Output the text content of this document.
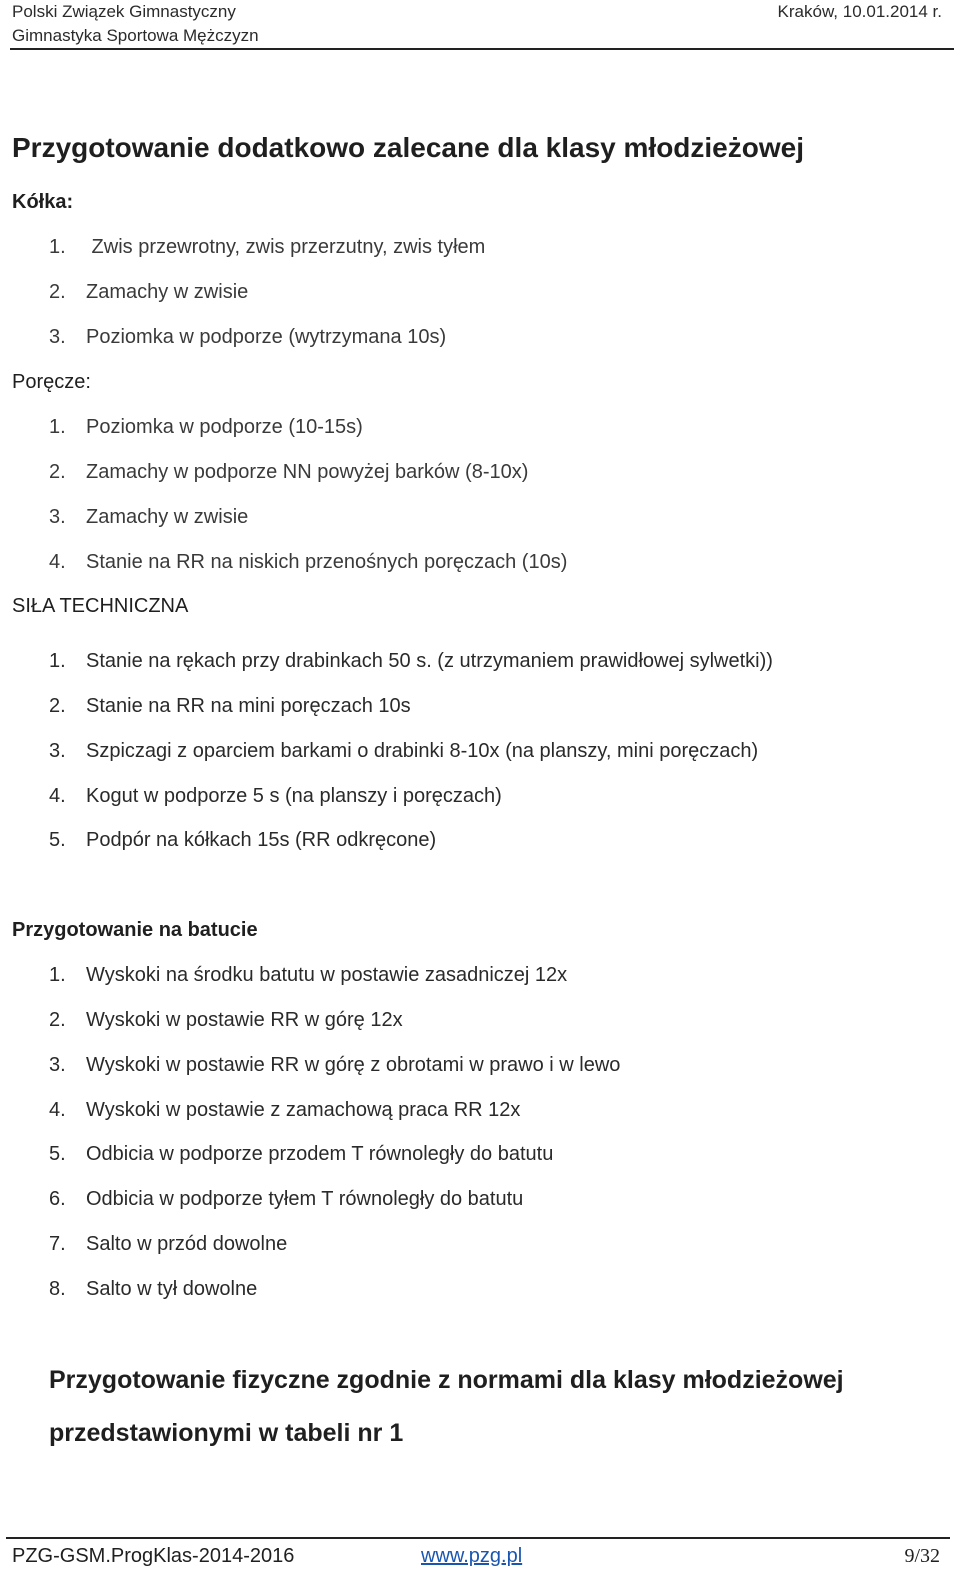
Polski Związek Gimnastyczny
Gimnastyka Sportowa Mężczyzn
Kraków, 10.01.2014 r.
Przygotowanie dodatkowo zalecane dla klasy młodzieżowej
Kółka:
1. Zwis przewrotny, zwis przerzutny, zwis tyłem
2. Zamachy w zwisie
3. Poziomka w podporze (wytrzymana 10s)
Poręcze:
1. Poziomka w podporze (10-15s)
2. Zamachy w podporze NN powyżej barków (8-10x)
3. Zamachy w zwisie
4. Stanie na RR na niskich przenośnych poręczach (10s)
SIŁA TECHNICZNA
1. Stanie na rękach przy drabinkach 50 s. (z utrzymaniem prawidłowej sylwetki))
2. Stanie na RR na mini poręczach 10s
3. Szpiczagi z oparciem barkami o drabinki 8-10x (na planszy, mini poręczach)
4. Kogut w podporze 5 s (na planszy i poręczach)
5. Podpór na kółkach 15s (RR odkręcone)
Przygotowanie na batucie
1. Wyskoki na środku batutu w postawie zasadniczej 12x
2. Wyskoki w postawie RR w górę 12x
3. Wyskoki w postawie RR w górę z obrotami w prawo i w lewo
4. Wyskoki w postawie z zamachową praca RR 12x
5. Odbicia w podporze przodem T równoległy do batutu
6. Odbicia w podporze tyłem T równoległy do batutu
7. Salto w przód dowolne
8. Salto w tył dowolne
Przygotowanie fizyczne zgodnie z normami dla klasy młodzieżowej
przedstawionymi w tabeli nr 1
PZG-GSM.ProgKlas-2014-2016	www.pzg.pl	9/32
